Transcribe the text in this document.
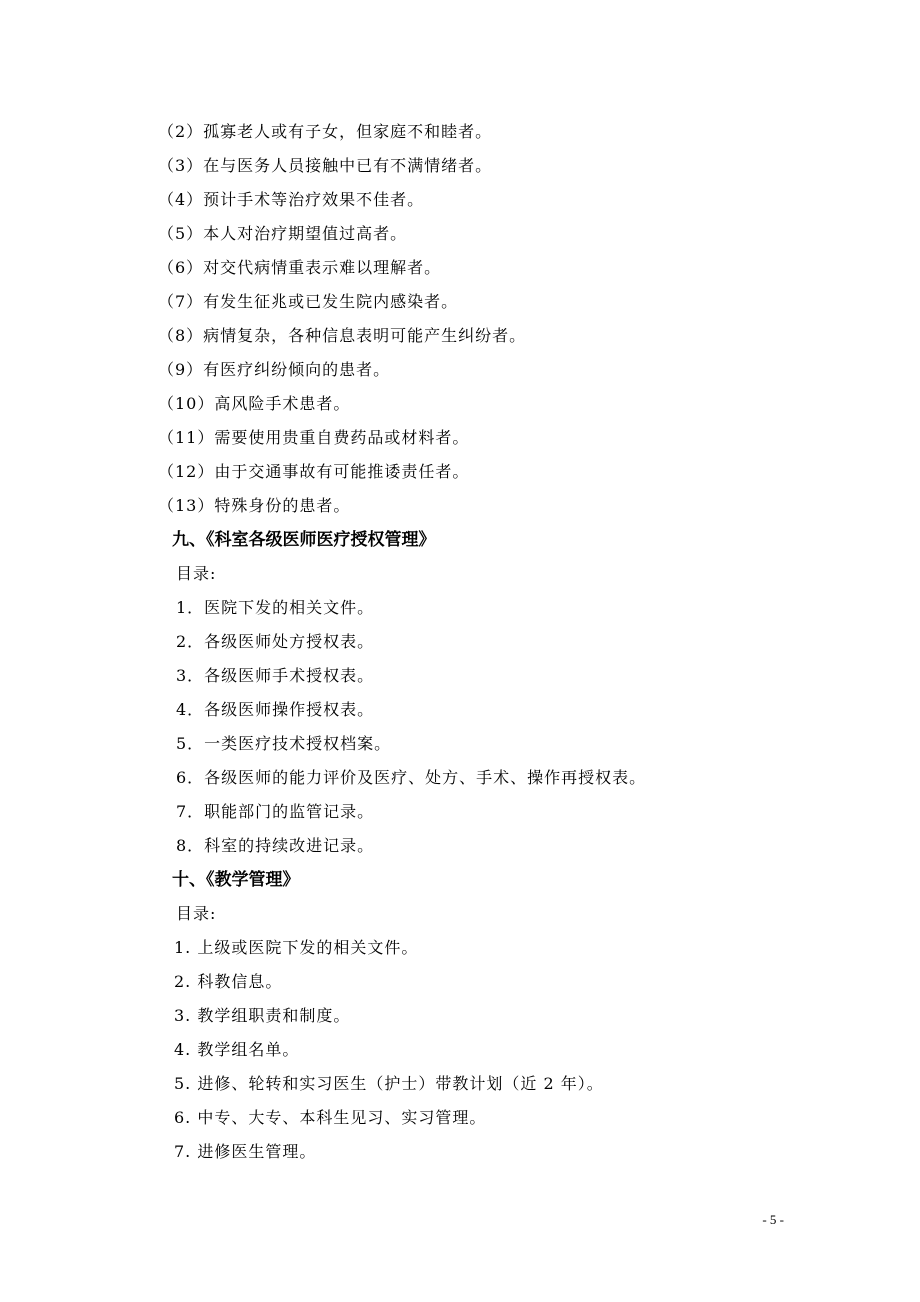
（2）孤寡老人或有子女，但家庭不和睦者。
（3）在与医务人员接触中已有不满情绪者。
（4）预计手术等治疗效果不佳者。
（5）本人对治疗期望值过高者。
（6）对交代病情重表示难以理解者。
（7）有发生征兆或已发生院内感染者。
（8）病情复杂，各种信息表明可能产生纠纷者。
（9）有医疗纠纷倾向的患者。
（10）高风险手术患者。
（11）需要使用贵重自费药品或材料者。
（12）由于交通事故有可能推诿责任者。
（13）特殊身份的患者。
九、《科室各级医师医疗授权管理》
目录:
1．医院下发的相关文件。
2．各级医师处方授权表。
3．各级医师手术授权表。
4．各级医师操作授权表。
5．一类医疗技术授权档案。
6．各级医师的能力评价及医疗、处方、手术、操作再授权表。
7．职能部门的监管记录。
8．科室的持续改进记录。
十、《教学管理》
目录:
1. 上级或医院下发的相关文件。
2. 科教信息。
3. 教学组职责和制度。
4. 教学组名单。
5. 进修、轮转和实习医生（护士）带教计划（近 2 年）。
6. 中专、大专、本科生见习、实习管理。
7. 进修医生管理。
- 5 -
